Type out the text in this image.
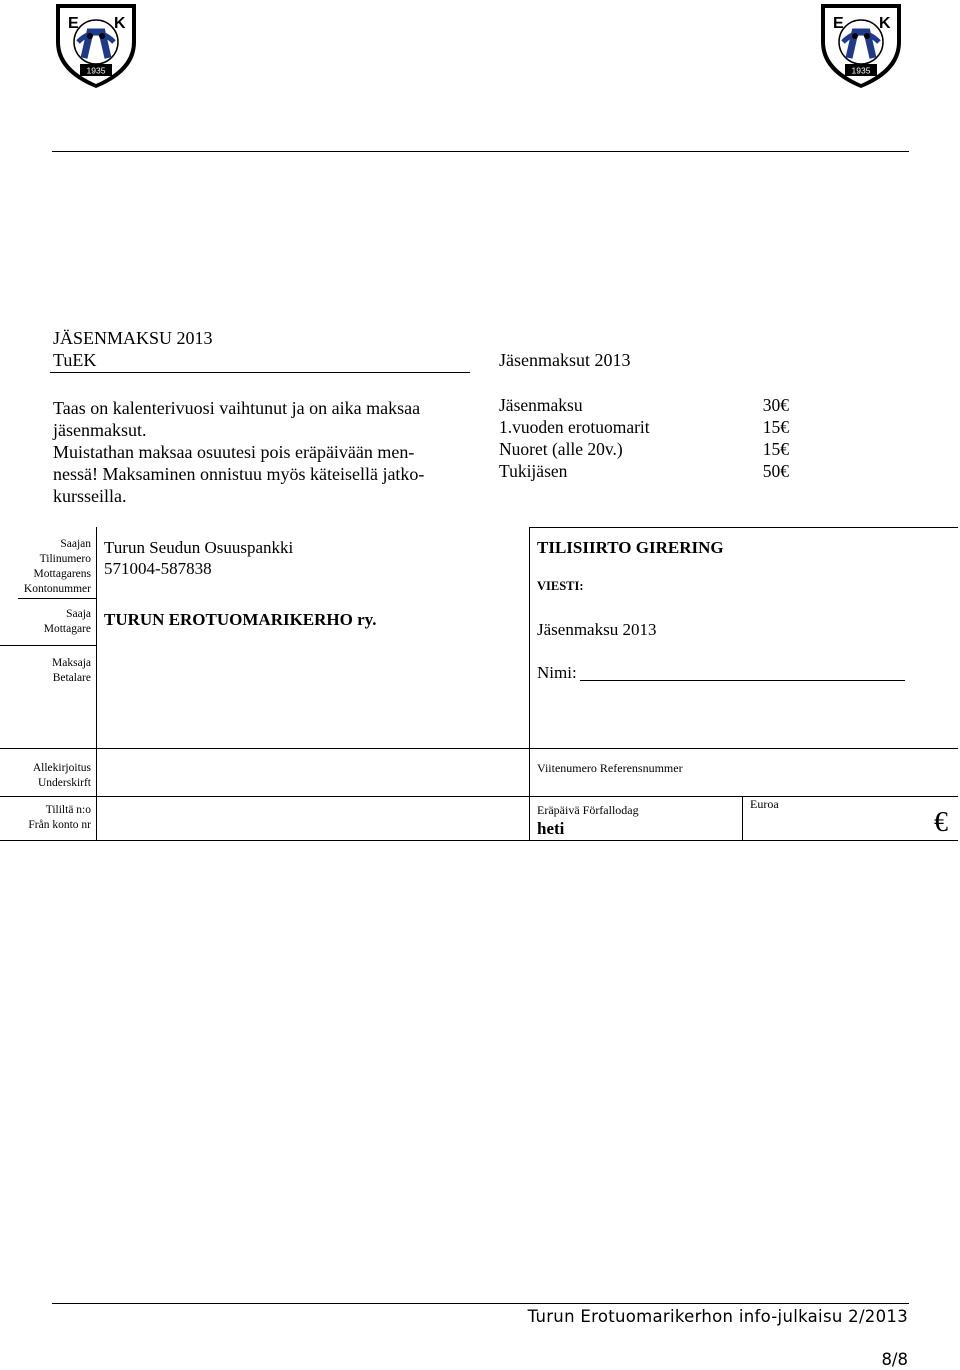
E K
1935
E K
1935
JÄSENMAKSU 2013
TuEK	Jäsenmaksut 2013
Taas on kalenterivuosi vaihtunut ja on aika maksaa
jäsenmaksut.
Muistathan maksaa osuutesi pois eräpäivään men-
nessä! Maksaminen onnistuu myös käteisellä jatko-
kursseilla.
Jäsenmaksu	30€
1.vuoden erotuomarit	15€
Nuoret (alle 20v.)	15€
Tukijäsen	50€
Saajan
Tilinumero
Mottagarens
Kontonummer
Turun Seudun Osuuspankki
571004-587838
Saaja
Mottagare TURUN EROTUOMARIKERHO ry.
Maksaja
Betalare
TILISIIRTO GIRERING
VIESTI:
Jäsenmaksu 2013
Nimi:
Allekirjoitus
Underskirft
Viitenumero Referensnummer
Tililtä n:o
Från konto nr
Eräpäivä Förfallodag
heti
Euroa
€
Turun Erotuomarikerhon info-julkaisu 2/2013
8/8
